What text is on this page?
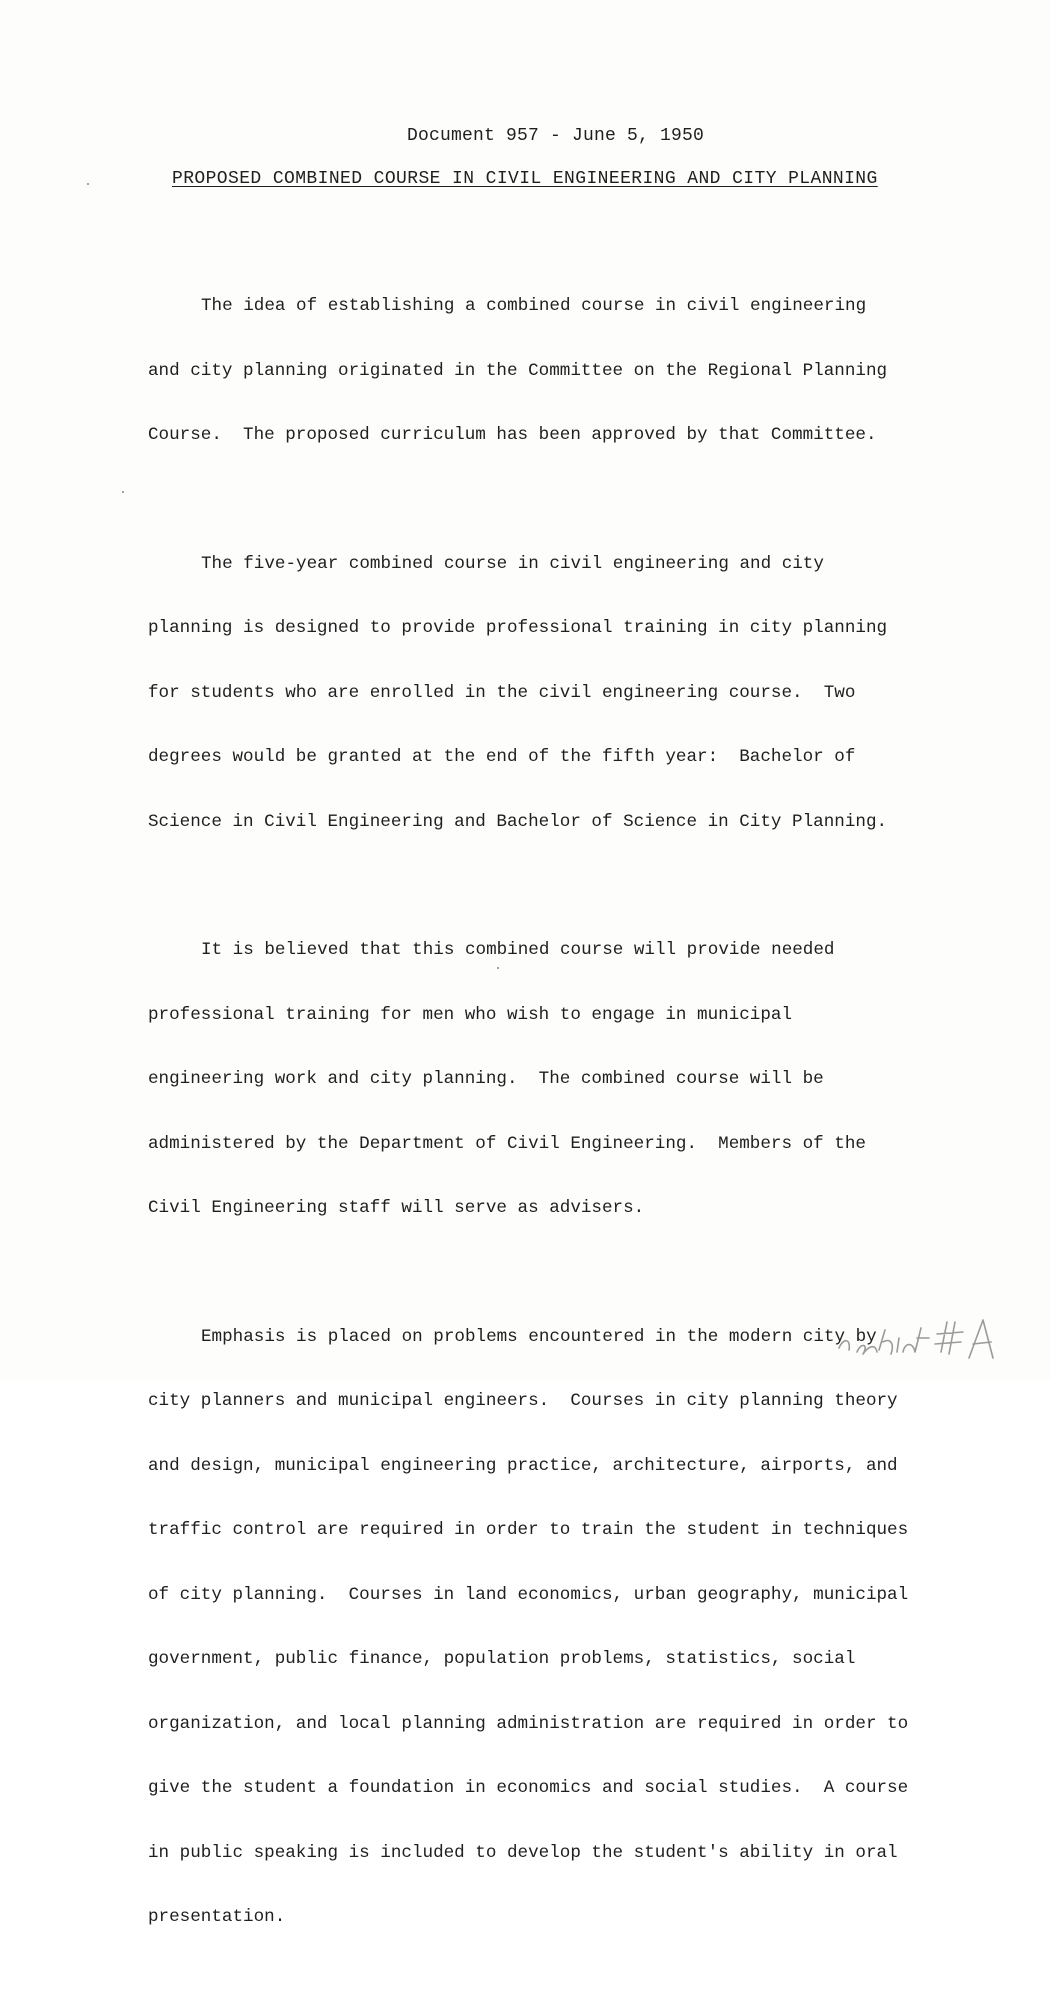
Document 957 - June 5, 1950
PROPOSED COMBINED COURSE IN CIVIL ENGINEERING AND CITY PLANNING

The idea of establishing a combined course in civil engineering

and city planning originated in the Committee on the Regional Planning

Course.  The proposed curriculum has been approved by that Committee.

The five-year combined course in civil engineering and city

planning is designed to provide professional training in city planning

for students who are enrolled in the civil engineering course.  Two

degrees would be granted at the end of the fifth year:  Bachelor of

Science in Civil Engineering and Bachelor of Science in City Planning.

It is believed that this combined course will provide needed

professional training for men who wish to engage in municipal

engineering work and city planning.  The combined course will be

administered by the Department of Civil Engineering.  Members of the

Civil Engineering staff will serve as advisers.

Emphasis is placed on problems encountered in the modern city by

city planners and municipal engineers.  Courses in city planning theory

and design, municipal engineering practice, architecture, airports, and

traffic control are required in order to train the student in techniques

of city planning.  Courses in land economics, urban geography, municipal

government, public finance, population problems, statistics, social

organization, and local planning administration are required in order to

give the student a foundation in economics and social studies.  A course

in public speaking is included to develop the student's ability in oral

presentation.
